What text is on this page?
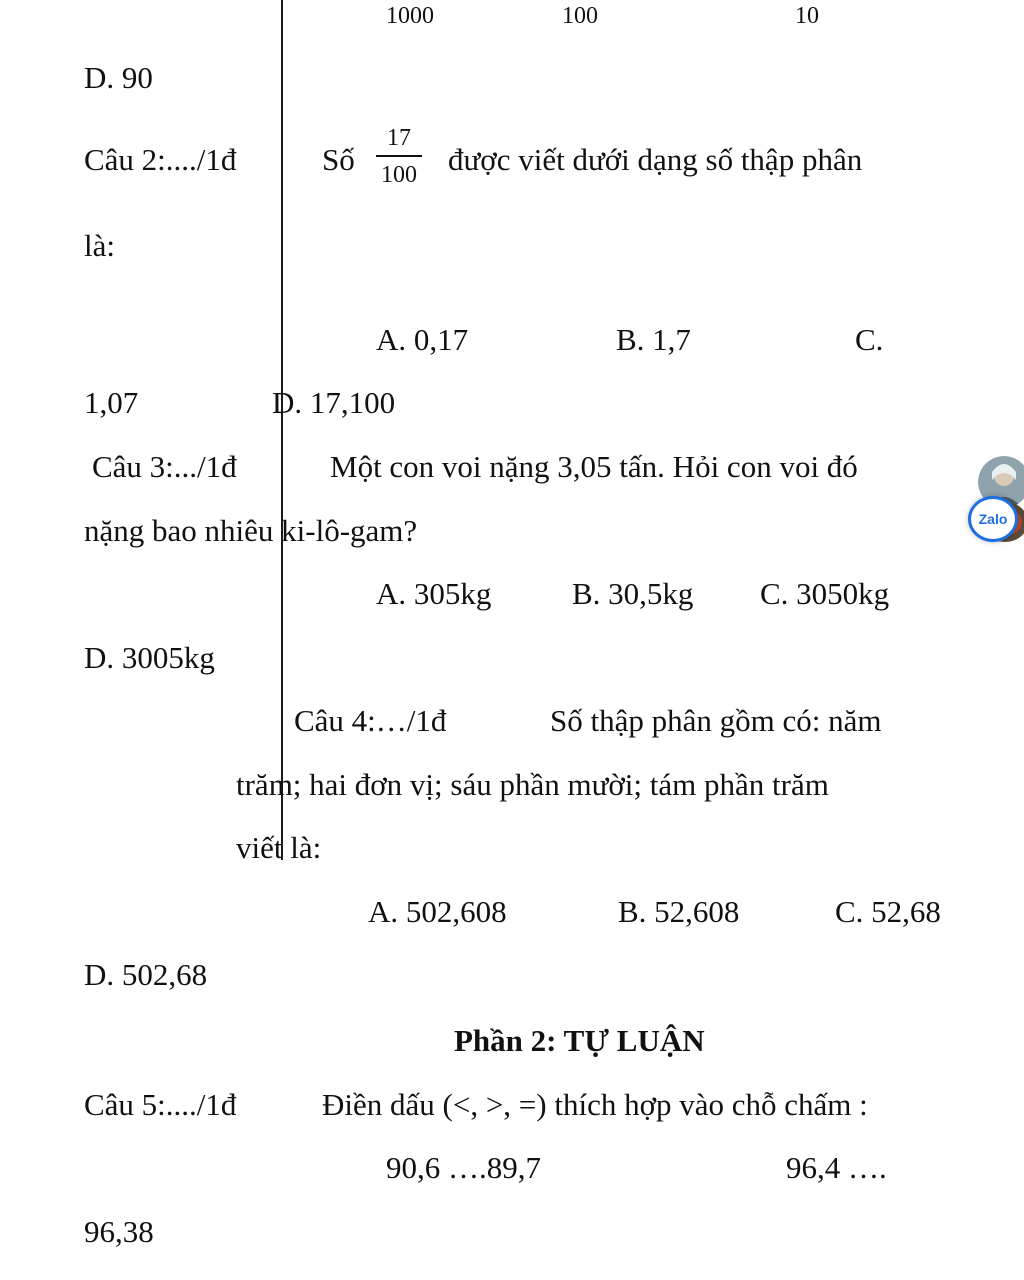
1000	100	10
D. 90
Câu 2:..../1đ	Số
17
100 được viết dưới dạng số thập phân
là:
A. 0,17	B. 1,7	C.
1,07	D. 17,100
Câu 3:.../1đ	Một con voi nặng 3,05 tấn. Hỏi con voi đó
nặng bao nhiêu ki-lô-gam?
A. 305kg	B. 30,5kg C. 3050kg
D. 3005kg
Câu 4:…/1đ	Số thập phân gồm có: năm
trăm; hai đơn vị; sáu phần mười; tám phần trăm
viết là:
A. 502,608	B. 52,608	C. 52,68
D. 502,68
Phần 2: TỰ LUẬN
Câu 5:..../1đ	Điền dấu (<, >, =) thích hợp vào chỗ chấm :
90,6 ….89,7	96,4 ….
96,38
Zalo
